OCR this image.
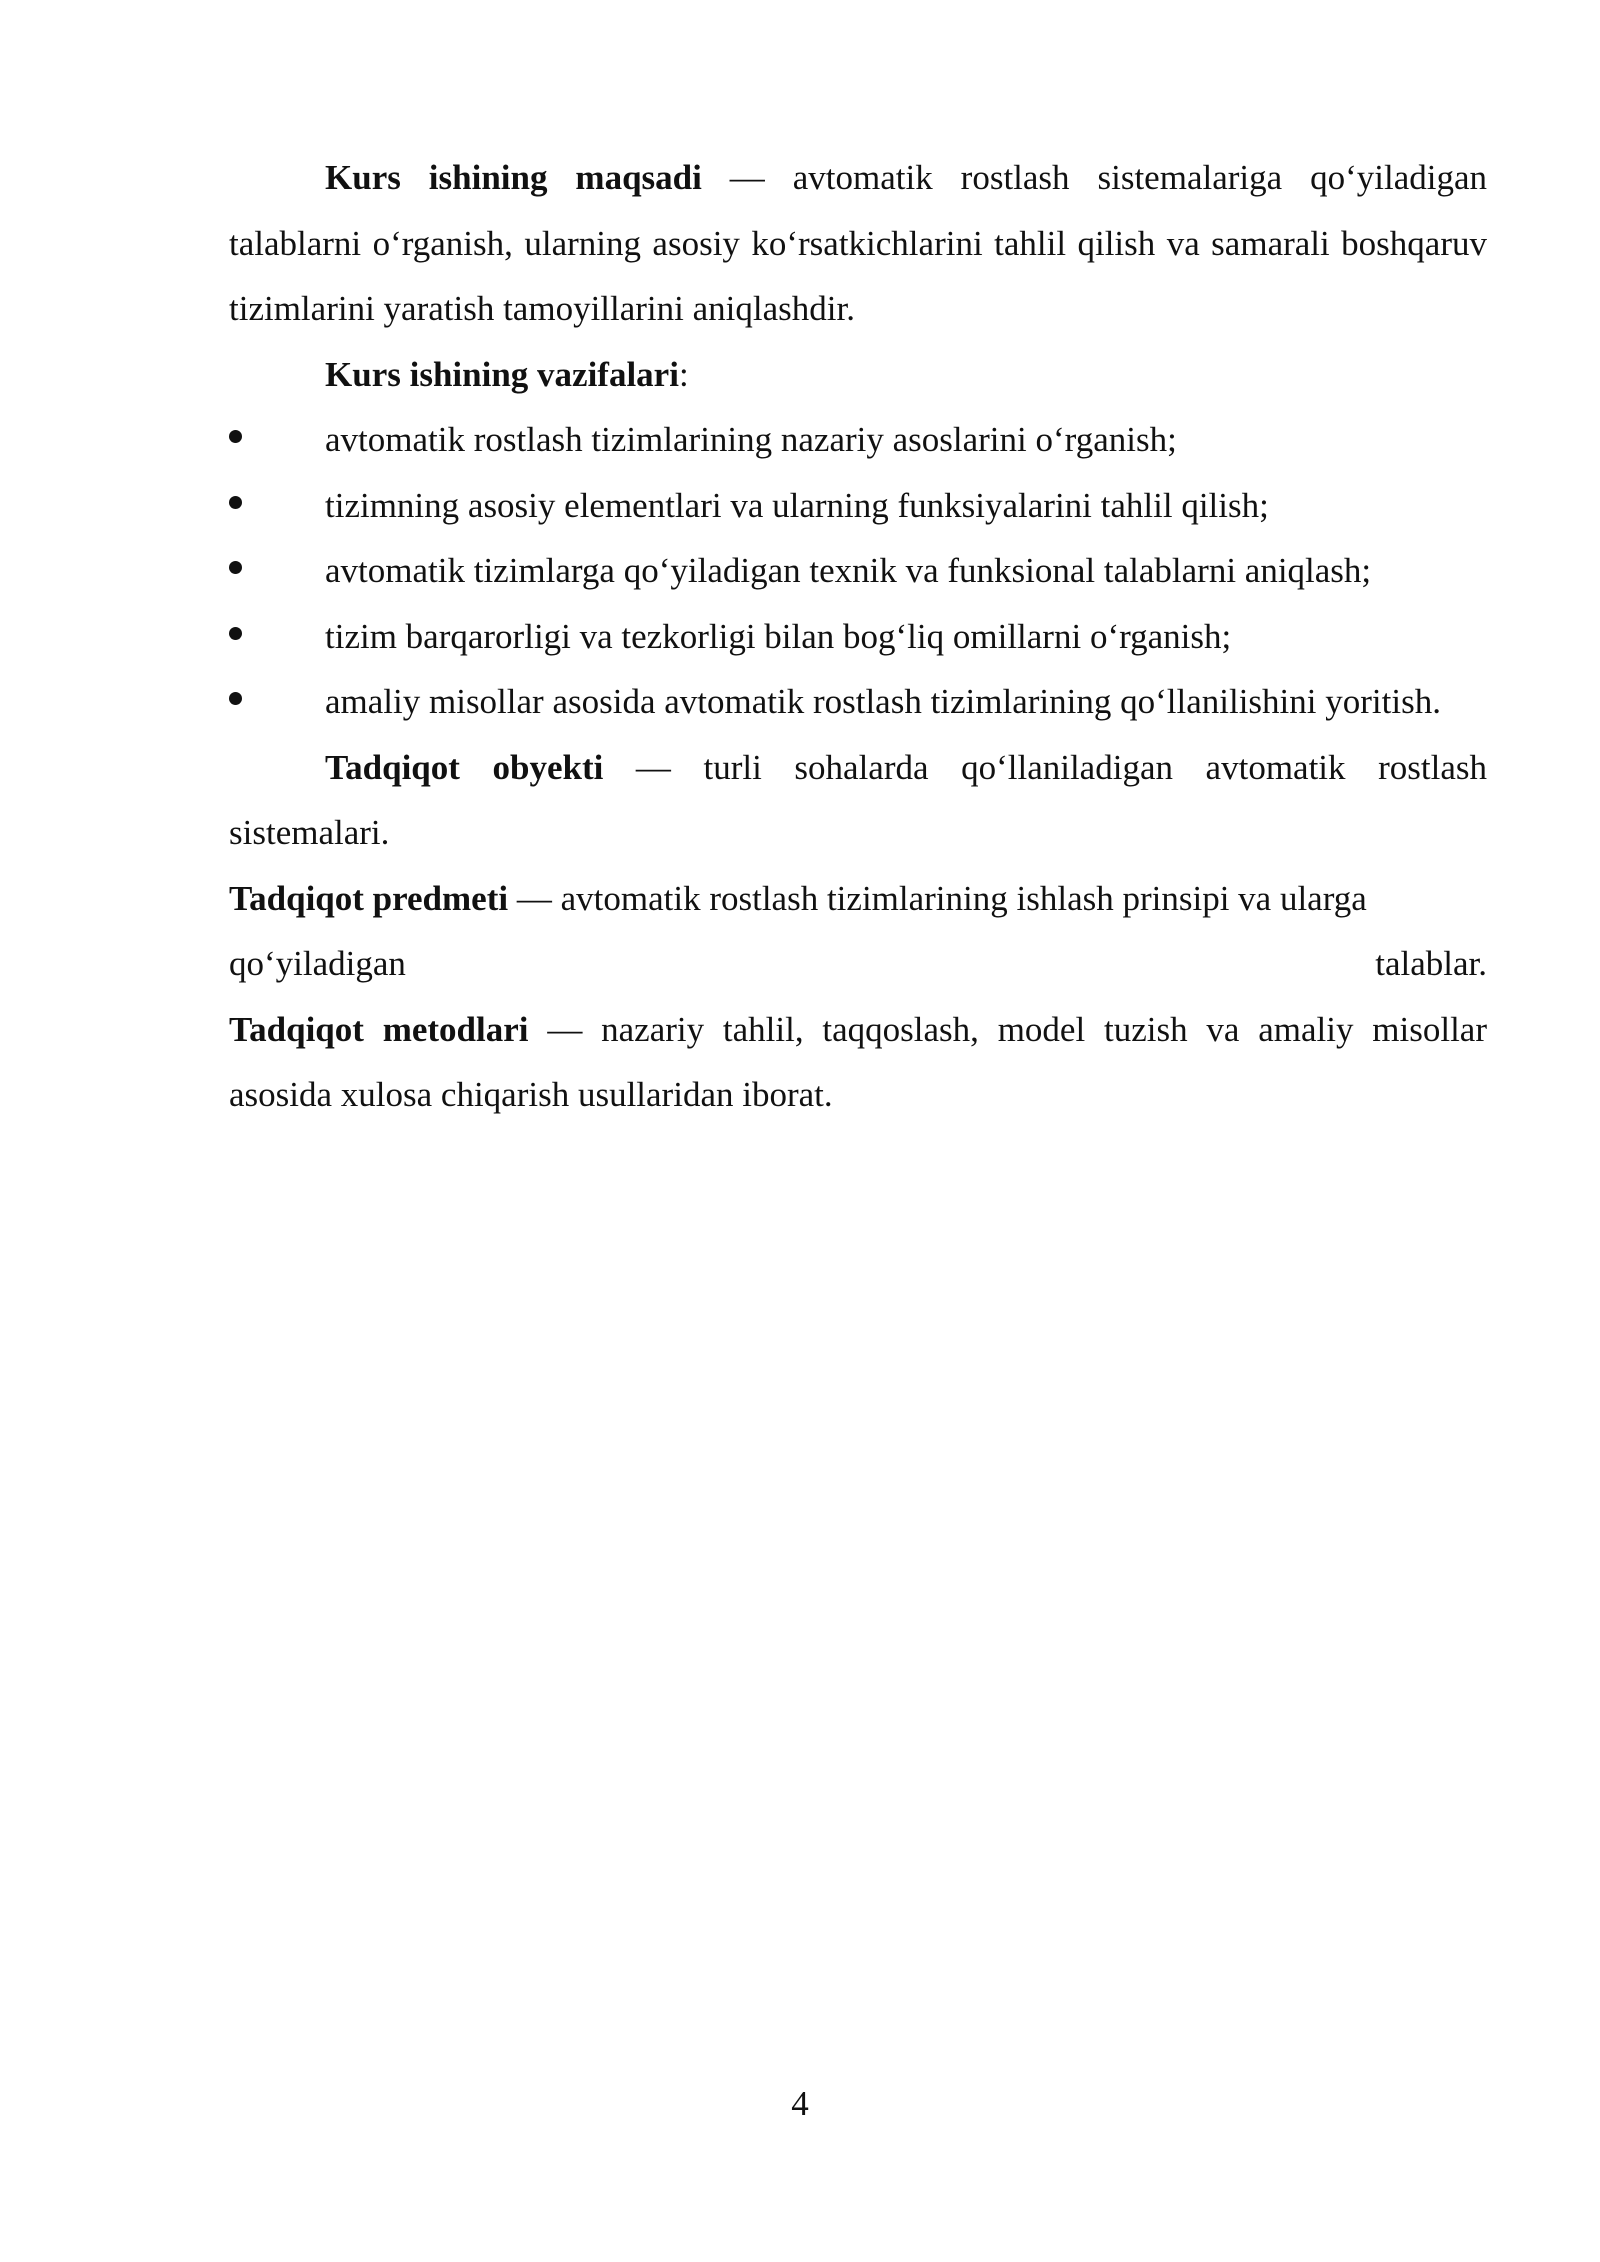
Kurs ishining maqsadi — avtomatik rostlash sistemalariga qo‘yiladigan talablarni o‘rganish, ularning asosiy ko‘rsatkichlarini tahlil qilish va samarali boshqaruv tizimlarini yaratish tamoyillarini aniqlashdir.

Kurs ishining vazifalari:

avtomatik rostlash tizimlarining nazariy asoslarini o‘rganish;
tizimning asosiy elementlari va ularning funksiyalarini tahlil qilish;
avtomatik tizimlarga qo‘yiladigan texnik va funksional talablarni aniqlash;
tizim barqarorligi va tezkorligi bilan bog‘liq omillarni o‘rganish;
amaliy misollar asosida avtomatik rostlash tizimlarining qo‘llanilishini yoritish.

Tadqiqot obyekti — turli sohalarda qo‘llaniladigan avtomatik rostlash sistemalari.

Tadqiqot predmeti — avtomatik rostlash tizimlarining ishlash prinsipi va ularga

qo‘yiladigan	talablar.

Tadqiqot metodlari — nazariy tahlil, taqqoslash, model tuzish va amaliy misollar asosida xulosa chiqarish usullaridan iborat.

4
